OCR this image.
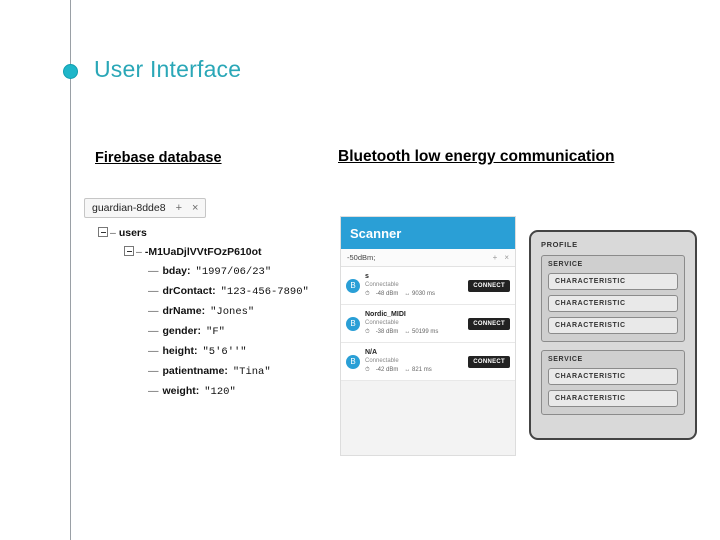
User Interface
Firebase database	Bluetooth low energy communication
guardian-8dde8 + ×
– users
– -M1UaDjlVVtFOzP610ot
— bday: "1997/06/23"
— drContact: "123-456-7890"
— drName: "Jones"
— gender: "F"
— height: "5'6''"
— patientname: "Tina"
— weight: "120"
Scanner
-50dBm;	+ ×
B
s
Connectable
⏱ -48 dBm ↔ 9030 ms
CONNECT
B
Nordic_MIDI
Connectable
⏱ -38 dBm ↔ 50199 ms
CONNECT
B
N/A
Connectable
⏱ -42 dBm ↔ 821 ms
CONNECT
PROFILE
SERVICE
CHARACTERISTIC
CHARACTERISTIC
CHARACTERISTIC
SERVICE
CHARACTERISTIC
CHARACTERISTIC
